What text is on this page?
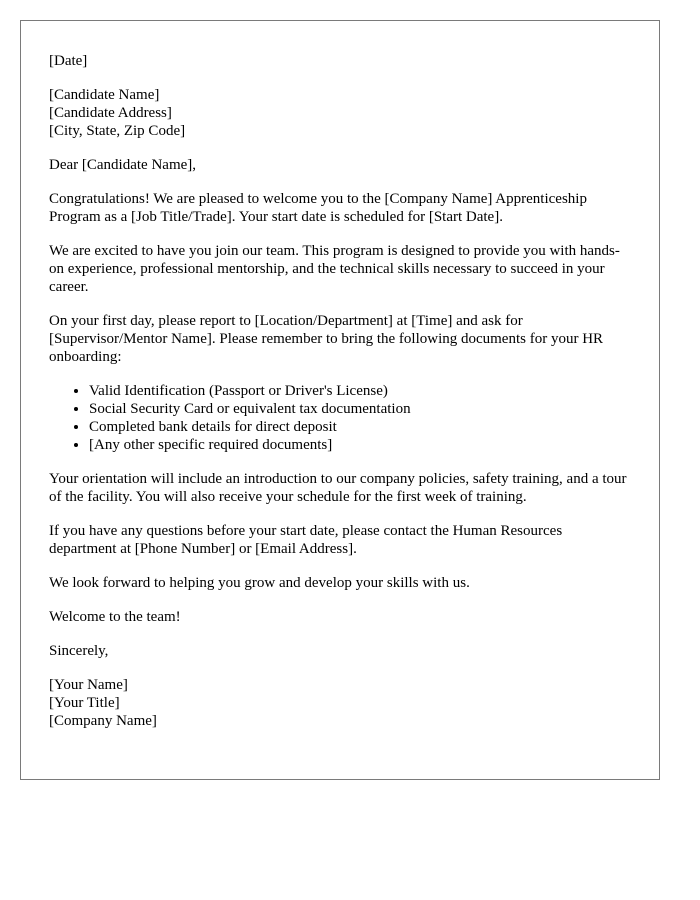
[Date]

[Candidate Name]
[Candidate Address]
[City, State, Zip Code]

Dear [Candidate Name],

Congratulations! We are pleased to welcome you to the [Company Name] Apprenticeship Program as a [Job Title/Trade]. Your start date is scheduled for [Start Date].

We are excited to have you join our team. This program is designed to provide you with hands-on experience, professional mentorship, and the technical skills necessary to succeed in your career.

On your first day, please report to [Location/Department] at [Time] and ask for [Supervisor/Mentor Name]. Please remember to bring the following documents for your HR onboarding:

• Valid Identification (Passport or Driver's License)
• Social Security Card or equivalent tax documentation
• Completed bank details for direct deposit
• [Any other specific required documents]

Your orientation will include an introduction to our company policies, safety training, and a tour of the facility. You will also receive your schedule for the first week of training.

If you have any questions before your start date, please contact the Human Resources department at [Phone Number] or [Email Address].

We look forward to helping you grow and develop your skills with us.

Welcome to the team!

Sincerely,

[Your Name]
[Your Title]
[Company Name]
